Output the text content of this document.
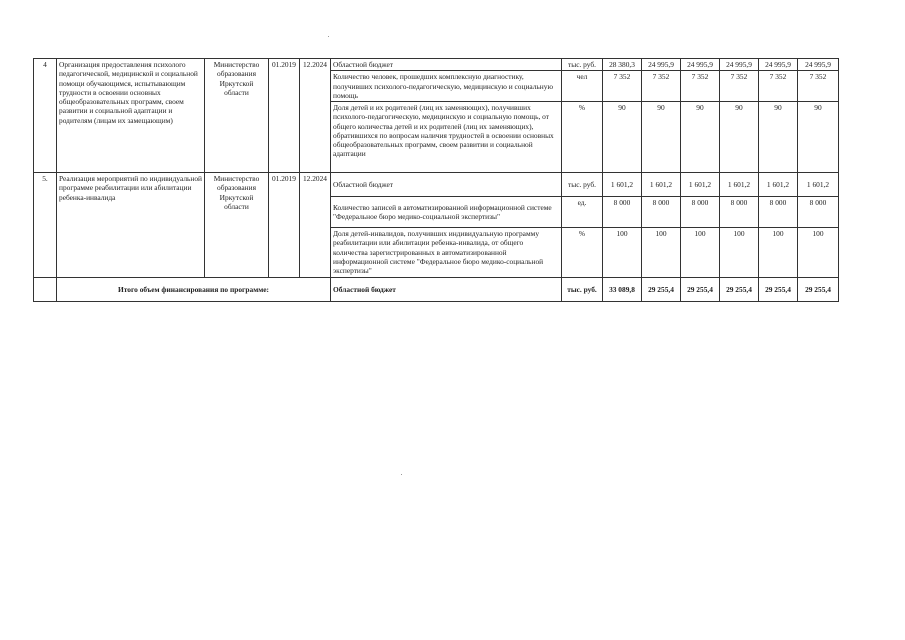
4	Организация предоставления психолого педагогической, медицинской и социальной помощи обучающимся, испытывающим трудности в освоении основных общеобразовательных программ, своем развитии и социальной адаптации и родителям (лицам их замещающим)	Министерство образования Иркутской области	01.2019	12.2024	Областной бюджет	тыс. руб.	28 380,3	24 995,9	24 995,9	24 995,9	24 995,9	24 995,9
					Количество человек, прошедших комплексную диагностику, получивших психолого-педагогическую, медицинскую и социальную помощь	чел	7 352	7 352	7 352	7 352	7 352	7 352
					Доля детей и их родителей (лиц их заменяющих), получивших психолого-педагогическую, медицинскую и социальную помощь, от общего количества детей и их родителей (лиц их заменяющих), обратившихся по вопросам наличия трудностей в освоении основных общеобразовательных программ, своем развитии и социальной адаптации	%	90	90	90	90	90	90
5.	Реализация мероприятий по индивидуальной программе реабилитации или абилитации ребенка-инвалида	Министерство образования Иркутской области	01.2019	12.2024	Областной бюджет	тыс. руб.	1 601,2	1 601,2	1 601,2	1 601,2	1 601,2	1 601,2
					Количество записей в автоматизированной информационной системе "Федеральное бюро медико-социальной экспертизы"	ед.	8 000	8 000	8 000	8 000	8 000	8 000
					Доля детей-инвалидов, получивших индивидуальную программу реабилитации или абилитации ребенка-инвалида, от общего количества зарегистрированных в автоматизированной информационной системе "Федеральное бюро медико-социальной экспертизы"	%	100	100	100	100	100	100
	Итого объем финансирования по программе:				Областной бюджет	тыс. руб.	33 089,8	29 255,4	29 255,4	29 255,4	29 255,4	29 255,4
